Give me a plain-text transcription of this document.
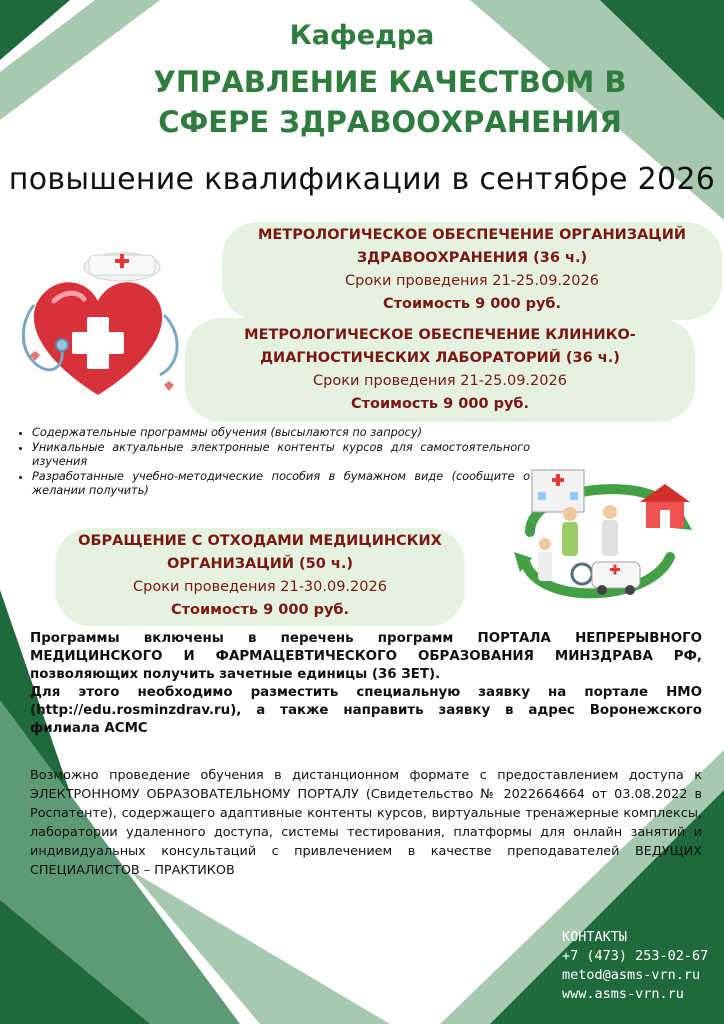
Кафедра
УПРАВЛЕНИЕ КАЧЕСТВОМ В СФЕРЕ ЗДРАВООХРАНЕНИЯ
повышение квалификации в сентябре 2026
МЕТРОЛОГИЧЕСКОЕ ОБЕСПЕЧЕНИЕ ОРГАНИЗАЦИЙ ЗДРАВООХРАНЕНИЯ (36 ч.)
Сроки проведения 21-25.09.2026
Стоимость 9 000 руб.
МЕТРОЛОГИЧЕСКОЕ ОБЕСПЕЧЕНИЕ КЛИНИКО-ДИАГНОСТИЧЕСКИХ ЛАБОРАТОРИЙ (36 ч.)
Сроки проведения 21-25.09.2026
Стоимость 9 000 руб.
• Содержательные программы обучения (высылаются по запросу)
• Уникальные актуальные электронные контенты курсов для самостоятельного изучения
• Разработанные учебно-методические пособия в бумажном виде (сообщите о желании получить)
ОБРАЩЕНИЕ С ОТХОДАМИ МЕДИЦИНСКИХ ОРГАНИЗАЦИЙ (50 ч.)
Сроки проведения 21-30.09.2026
Стоимость 9 000 руб.

Программы включены в перечень программ ПОРТАЛА НЕПРЕРЫВНОГО МЕДИЦИНСКОГО И ФАРМАЦЕВТИЧЕСКОГО ОБРАЗОВАНИЯ МИНЗДРАВА РФ, позволяющих получить зачетные единицы (36 ЗЕТ).

Для этого необходимо разместить специальную заявку на портале НМО (http://edu.rosminzdrav.ru), а также направить заявку в адрес Воронежского филиала АСМС

Возможно проведение обучения в дистанционном формате с предоставлением доступа к ЭЛЕКТРОННОМУ ОБРАЗОВАТЕЛЬНОМУ ПОРТАЛУ (Свидетельство № 2022664664 от 03.08.2022 в Роспатенте), содержащего адаптивные контенты курсов, виртуальные тренажерные комплексы, лаборатории удаленного доступа, системы тестирования, платформы для онлайн занятий и индивидуальных консультаций с привлечением в качестве преподавателей ВЕДУЩИХ СПЕЦИАЛИСТОВ – ПРАКТИКОВ
КОНТАКТЫ
+7 (473) 253-02-67
metod@asms-vrn.ru
www.asms-vrn.ru
